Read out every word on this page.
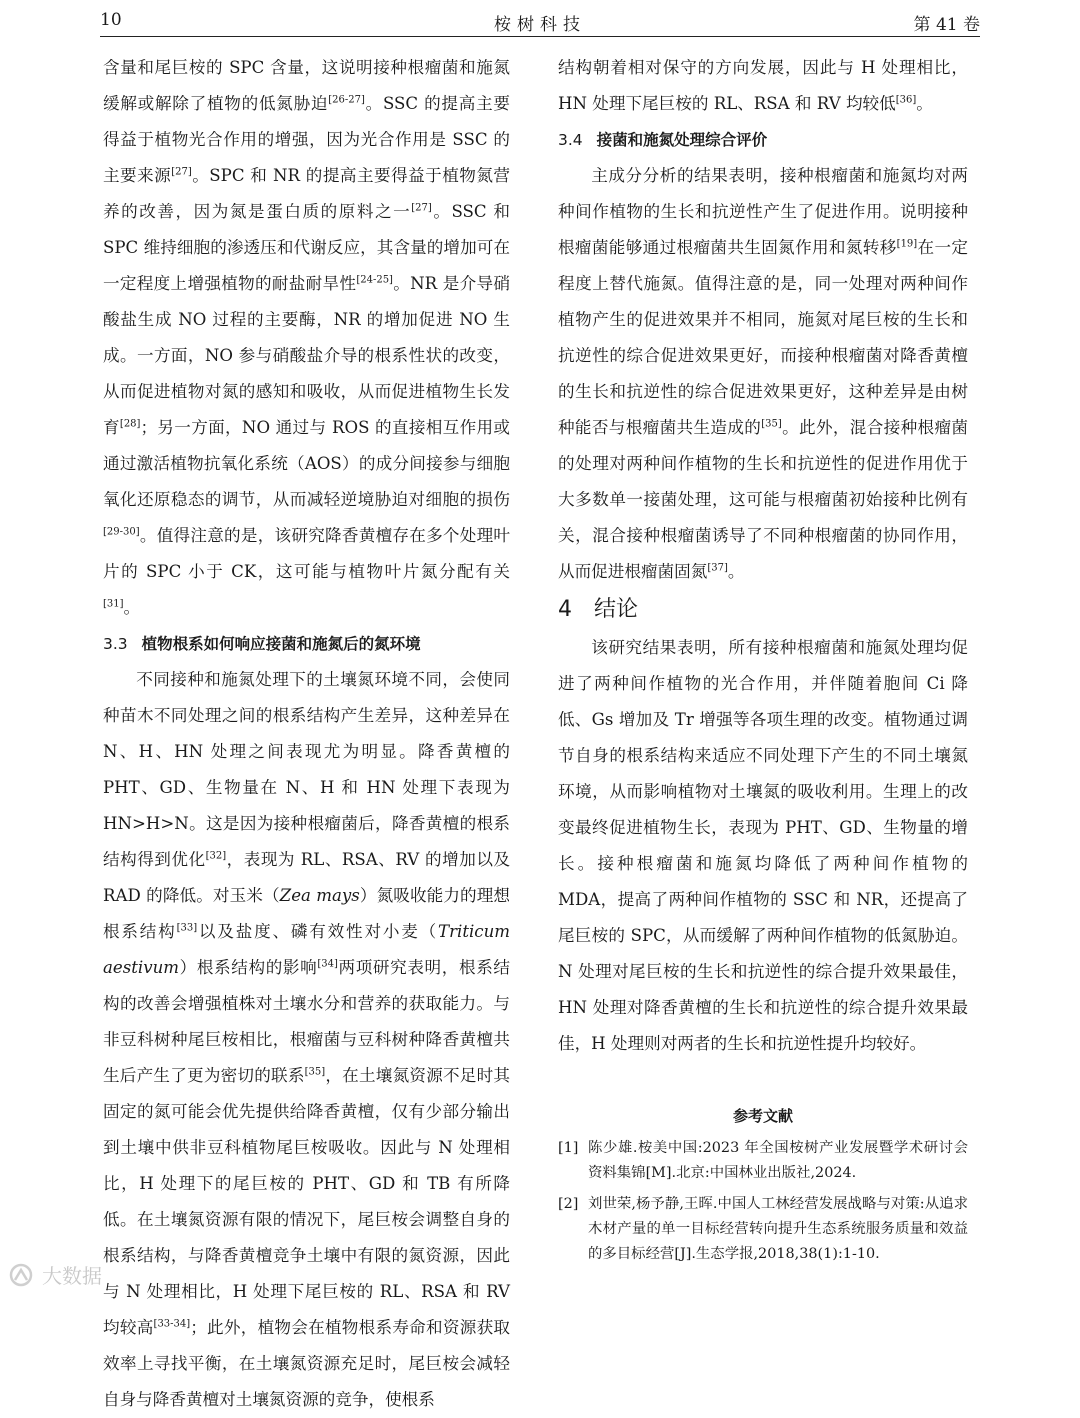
10	桉树科技	第 41 卷

含量和尾巨桉的 SPC 含量，这说明接种根瘤菌和施氮缓解或解除了植物的低氮胁迫[26-27]。SSC 的提高主要得益于植物光合作用的增强，因为光合作用是 SSC 的主要来源[27]。SPC 和 NR 的提高主要得益于植物氮营养的改善，因为氮是蛋白质的原料之一[27]。SSC 和 SPC 维持细胞的渗透压和代谢反应，其含量的增加可在一定程度上增强植物的耐盐耐旱性[24-25]。NR 是介导硝酸盐生成 NO 过程的主要酶，NR 的增加促进 NO 生成。一方面，NO 参与硝酸盐介导的根系性状的改变，从而促进植物对氮的感知和吸收，从而促进植物生长发育[28]；另一方面，NO 通过与 ROS 的直接相互作用或通过激活植物抗氧化系统（AOS）的成分间接参与细胞氧化还原稳态的调节，从而减轻逆境胁迫对细胞的损伤[29-30]。值得注意的是，该研究降香黄檀存在多个处理叶片的 SPC 小于 CK，这可能与植物叶片氮分配有关[31]。

3.3 植物根系如何响应接菌和施氮后的氮环境

不同接种和施氮处理下的土壤氮环境不同，会使同种苗木不同处理之间的根系结构产生差异，这种差异在 N、H、HN 处理之间表现尤为明显。降香黄檀的 PHT、GD、生物量在 N、H 和 HN 处理下表现为 HN>H>N。这是因为接种根瘤菌后，降香黄檀的根系结构得到优化[32]，表现为 RL、RSA、RV 的增加以及 RAD 的降低。对玉米（Zea mays）氮吸收能力的理想根系结构[33]以及盐度、磷有效性对小麦（Triticum aestivum）根系结构的影响[34]两项研究表明，根系结构的改善会增强植株对土壤水分和营养的获取能力。与非豆科树种尾巨桉相比，根瘤菌与豆科树种降香黄檀共生后产生了更为密切的联系[35]，在土壤氮资源不足时其固定的氮可能会优先提供给降香黄檀，仅有少部分输出到土壤中供非豆科植物尾巨桉吸收。因此与 N 处理相比，H 处理下的尾巨桉的 PHT、GD 和 TB 有所降低。在土壤氮资源有限的情况下，尾巨桉会调整自身的根系结构，与降香黄檀竞争土壤中有限的氮资源，因此与 N 处理相比，H 处理下尾巨桉的 RL、RSA 和 RV 均较高[33-34]；此外，植物会在植物根系寿命和资源获取效率上寻找平衡，在土壤氮资源充足时，尾巨桉会减轻自身与降香黄檀对土壤氮资源的竞争，使根系

结构朝着相对保守的方向发展，因此与 H 处理相比，HN 处理下尾巨桉的 RL、RSA 和 RV 均较低[36]。

3.4 接菌和施氮处理综合评价

主成分分析的结果表明，接种根瘤菌和施氮均对两种间作植物的生长和抗逆性产生了促进作用。说明接种根瘤菌能够通过根瘤菌共生固氮作用和氮转移[19]在一定程度上替代施氮。值得注意的是，同一处理对两种间作植物产生的促进效果并不相同，施氮对尾巨桉的生长和抗逆性的综合促进效果更好，而接种根瘤菌对降香黄檀的生长和抗逆性的综合促进效果更好，这种差异是由树种能否与根瘤菌共生造成的[35]。此外，混合接种根瘤菌的处理对两种间作植物的生长和抗逆性的促进作用优于大多数单一接菌处理，这可能与根瘤菌初始接种比例有关，混合接种根瘤菌诱导了不同种根瘤菌的协同作用，从而促进根瘤菌固氮[37]。

4 结论

该研究结果表明，所有接种根瘤菌和施氮处理均促进了两种间作植物的光合作用，并伴随着胞间 Ci 降低、Gs 增加及 Tr 增强等各项生理的改变。植物通过调节自身的根系结构来适应不同处理下产生的不同土壤氮环境，从而影响植物对土壤氮的吸收利用。生理上的改变最终促进植物生长，表现为 PHT、GD、生物量的增长。接种根瘤菌和施氮均降低了两种间作植物的 MDA，提高了两种间作植物的 SSC 和 NR，还提高了尾巨桉的 SPC，从而缓解了两种间作植物的低氮胁迫。N 处理对尾巨桉的生长和抗逆性的综合提升效果最佳，HN 处理对降香黄檀的生长和抗逆性的综合提升效果最佳，H 处理则对两者的生长和抗逆性提升均较好。

参考文献
[1] 陈少雄.桉美中国:2023 年全国桉树产业发展暨学术研讨会资料集锦[M].北京:中国林业出版社,2024.
[2] 刘世荣,杨予静,王晖.中国人工林经营发展战略与对策:从追求木材产量的单一目标经营转向提升生态系统服务质量和效益的多目标经营[J].生态学报,2018,38(1):1-10.
大数据
